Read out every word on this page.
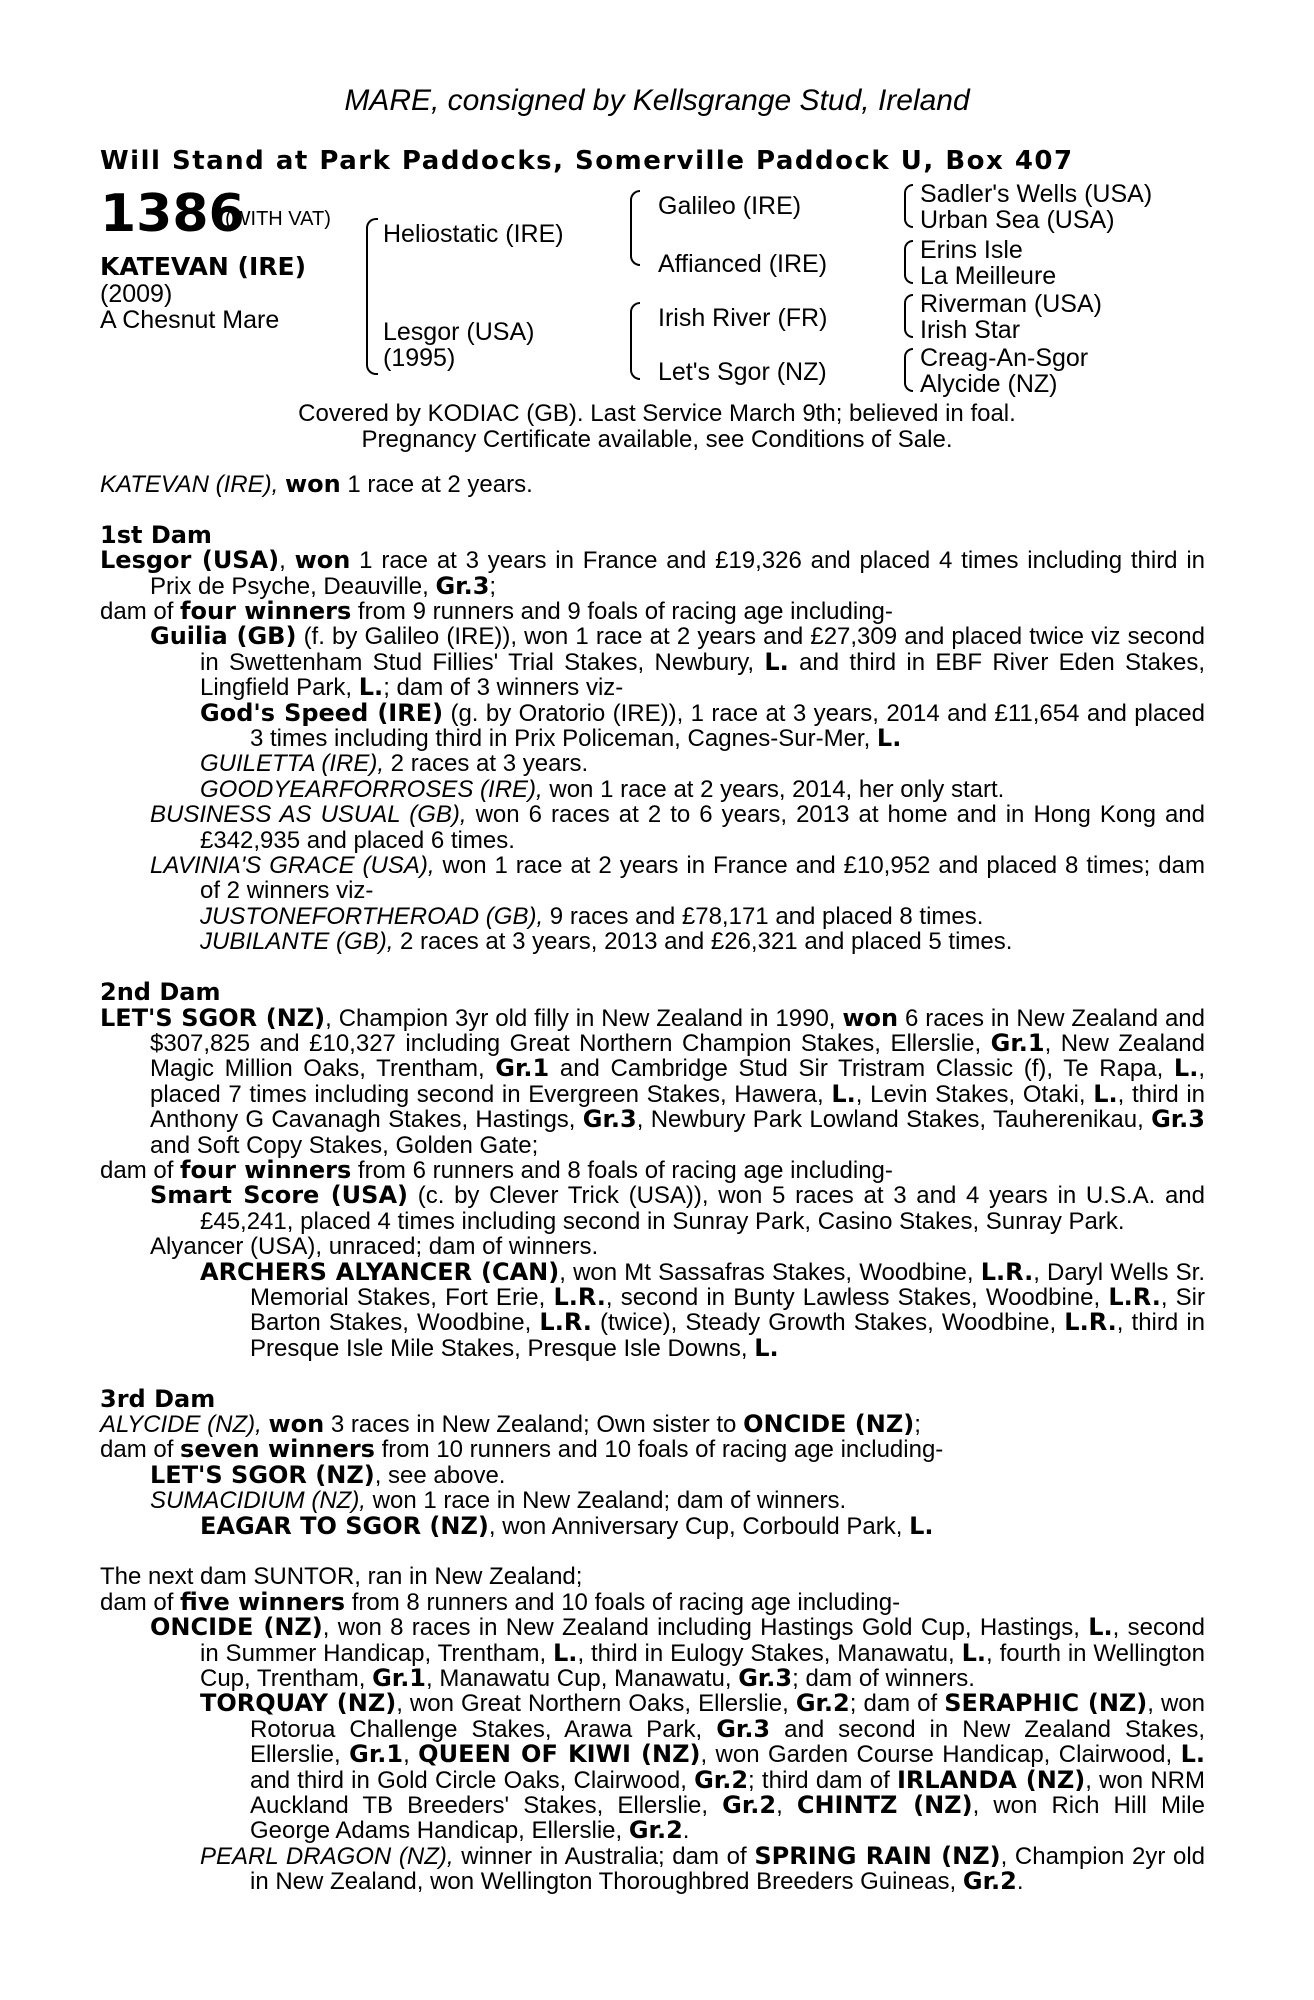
MARE, consigned by Kellsgrange Stud, Ireland
Will Stand at Park Paddocks, Somerville Paddock U, Box 407
1386
(WITH VAT)
KATEVAN (IRE)
(2009)
A Chesnut Mare
Heliostatic (IRE)
Lesgor (USA)
(1995)
Galileo (IRE)
Affianced (IRE)
Irish River (FR)
Let's Sgor (NZ)
Sadler's Wells (USA)
Urban Sea (USA)
Erins Isle
La Meilleure
Riverman (USA)
Irish Star
Creag-An-Sgor
Alycide (NZ)
Covered by KODIAC (GB). Last Service March 9th; believed in foal.
Pregnancy Certificate available, see Conditions of Sale.

KATEVAN (IRE), won 1 race at 2 years.

1st Dam

Lesgor (USA), won 1 race at 3 years in France and £19,326 and placed 4 times including third in Prix de Psyche, Deauville, Gr.3;

dam of four winners from 9 runners and 9 foals of racing age including-

Guilia (GB) (f. by Galileo (IRE)), won 1 race at 2 years and £27,309 and placed twice viz second in Swettenham Stud Fillies' Trial Stakes, Newbury, L. and third in EBF River Eden Stakes, Lingfield Park, L.; dam of 3 winners viz-

God's Speed (IRE) (g. by Oratorio (IRE)), 1 race at 3 years, 2014 and £11,654 and placed 3 times including third in Prix Policeman, Cagnes-Sur-Mer, L.

GUILETTA (IRE), 2 races at 3 years.

GOODYEARFORROSES (IRE), won 1 race at 2 years, 2014, her only start.

BUSINESS AS USUAL (GB), won 6 races at 2 to 6 years, 2013 at home and in Hong Kong and £342,935 and placed 6 times.

LAVINIA'S GRACE (USA), won 1 race at 2 years in France and £10,952 and placed 8 times; dam of 2 winners viz-

JUSTONEFORTHEROAD (GB), 9 races and £78,171 and placed 8 times.

JUBILANTE (GB), 2 races at 3 years, 2013 and £26,321 and placed 5 times.

2nd Dam

LET'S SGOR (NZ), Champion 3yr old filly in New Zealand in 1990, won 6 races in New Zealand and $307,825 and £10,327 including Great Northern Champion Stakes, Ellerslie, Gr.1, New Zealand Magic Million Oaks, Trentham, Gr.1 and Cambridge Stud Sir Tristram Classic (f), Te Rapa, L., placed 7 times including second in Evergreen Stakes, Hawera, L., Levin Stakes, Otaki, L., third in Anthony G Cavanagh Stakes, Hastings, Gr.3, Newbury Park Lowland Stakes, Tauherenikau, Gr.3 and Soft Copy Stakes, Golden Gate;

dam of four winners from 6 runners and 8 foals of racing age including-

Smart Score (USA) (c. by Clever Trick (USA)), won 5 races at 3 and 4 years in U.S.A. and £45,241, placed 4 times including second in Sunray Park, Casino Stakes, Sunray Park.

Alyancer (USA), unraced; dam of winners.

ARCHERS ALYANCER (CAN), won Mt Sassafras Stakes, Woodbine, L.R., Daryl Wells Sr. Memorial Stakes, Fort Erie, L.R., second in Bunty Lawless Stakes, Woodbine, L.R., Sir Barton Stakes, Woodbine, L.R. (twice), Steady Growth Stakes, Woodbine, L.R., third in Presque Isle Mile Stakes, Presque Isle Downs, L.

3rd Dam

ALYCIDE (NZ), won 3 races in New Zealand; Own sister to ONCIDE (NZ);

dam of seven winners from 10 runners and 10 foals of racing age including-

LET'S SGOR (NZ), see above.

SUMACIDIUM (NZ), won 1 race in New Zealand; dam of winners.

EAGAR TO SGOR (NZ), won Anniversary Cup, Corbould Park, L.

The next dam SUNTOR, ran in New Zealand;

dam of five winners from 8 runners and 10 foals of racing age including-

ONCIDE (NZ), won 8 races in New Zealand including Hastings Gold Cup, Hastings, L., second in Summer Handicap, Trentham, L., third in Eulogy Stakes, Manawatu, L., fourth in Wellington Cup, Trentham, Gr.1, Manawatu Cup, Manawatu, Gr.3; dam of winners.

TORQUAY (NZ), won Great Northern Oaks, Ellerslie, Gr.2; dam of SERAPHIC (NZ), won Rotorua Challenge Stakes, Arawa Park, Gr.3 and second in New Zealand Stakes, Ellerslie, Gr.1, QUEEN OF KIWI (NZ), won Garden Course Handicap, Clairwood, L. and third in Gold Circle Oaks, Clairwood, Gr.2; third dam of IRLANDA (NZ), won NRM Auckland TB Breeders' Stakes, Ellerslie, Gr.2, CHINTZ (NZ), won Rich Hill Mile George Adams Handicap, Ellerslie, Gr.2.

PEARL DRAGON (NZ), winner in Australia; dam of SPRING RAIN (NZ), Champion 2yr old in New Zealand, won Wellington Thoroughbred Breeders Guineas, Gr.2.
